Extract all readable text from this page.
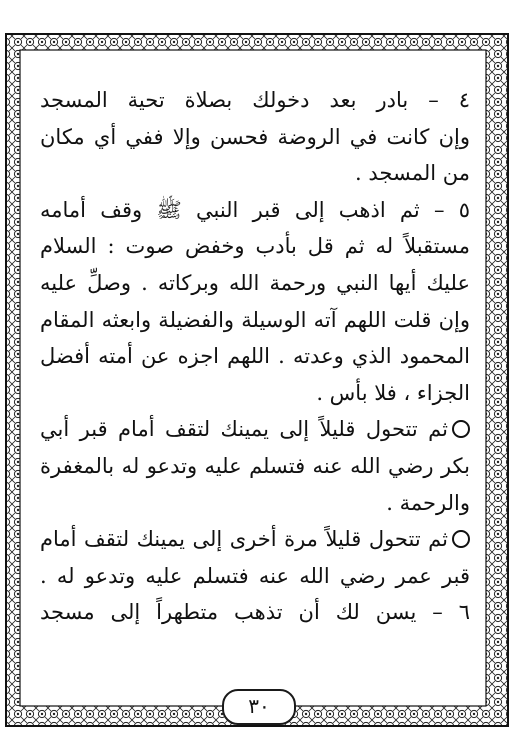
٤ – بادر بعد دخولك بصلاة تحية المسجد
وإن كانت في الروضة فحسن وإلا ففي أي مكان
من المسجد .
٥ – ثم اذهب إلى قبر النبي ﷺ وقف أمامه
مستقبلاً له ثم قل بأدب وخفض صوت : السلام
عليك أيها النبي ورحمة الله وبركاته . وصلِّ عليه
وإن قلت اللهم آته الوسيلة والفضيلة وابعثه المقام
المحمود الذي وعدته . اللهم اجزه عن أمته أفضل
الجزاء ، فلا بأس .
ثم تتحول قليلاً إلى يمينك لتقف أمام قبر أبي
بكر رضي الله عنه فتسلم عليه وتدعو له بالمغفرة
والرحمة .
ثم تتحول قليلاً مرة أخرى إلى يمينك لتقف أمام
قبر عمر رضي الله عنه فتسلم عليه وتدعو له .
٦ – يسن لك أن تذهب متطهراً إلى مسجد
٣٠
